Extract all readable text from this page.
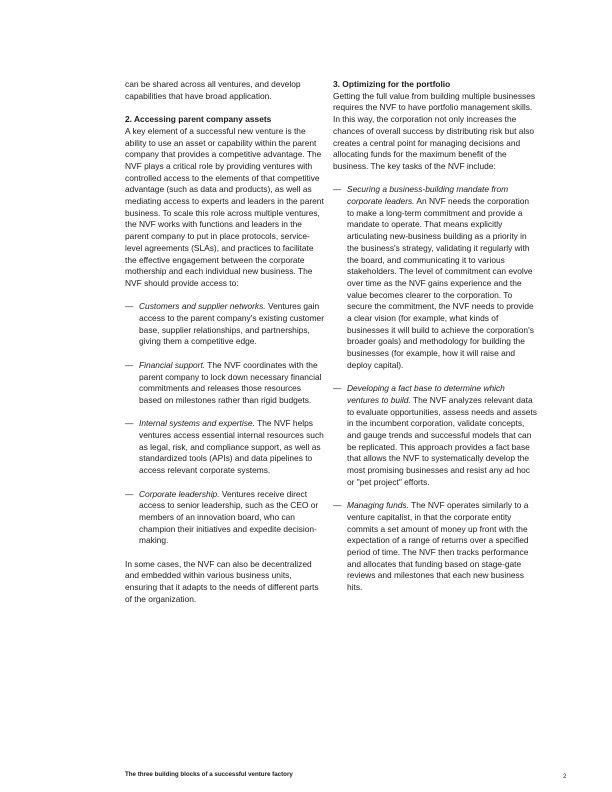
can be shared across all ventures, and develop capabilities that have broad application.

2. Accessing parent company assets

A key element of a successful new venture is the ability to use an asset or capability within the parent company that provides a competitive advantage. The NVF plays a critical role by providing ventures with controlled access to the elements of that competitive advantage (such as data and products), as well as mediating access to experts and leaders in the parent business. To scale this role across multiple ventures, the NVF works with functions and leaders in the parent company to put in place protocols, service-level agreements (SLAs), and practices to facilitate the effective engagement between the corporate mothership and each individual new business. The NVF should provide access to:

— Customers and supplier networks. Ventures gain access to the parent company's existing customer base, supplier relationships, and partnerships, giving them a competitive edge.
— Financial support. The NVF coordinates with the parent company to lock down necessary financial commitments and releases those resources based on milestones rather than rigid budgets.
— Internal systems and expertise. The NVF helps ventures access essential internal resources such as legal, risk, and compliance support, as well as standardized tools (APIs) and data pipelines to access relevant corporate systems.
— Corporate leadership. Ventures receive direct access to senior leadership, such as the CEO or members of an innovation board, who can champion their initiatives and expedite decision-making.

In some cases, the NVF can also be decentralized and embedded within various business units, ensuring that it adapts to the needs of different parts of the organization.

3. Optimizing for the portfolio

Getting the full value from building multiple businesses requires the NVF to have portfolio management skills. In this way, the corporation not only increases the chances of overall success by distributing risk but also creates a central point for managing decisions and allocating funds for the maximum benefit of the business. The key tasks of the NVF include:

— Securing a business-building mandate from corporate leaders. An NVF needs the corporation to make a long-term commitment and provide a mandate to operate. That means explicitly articulating new-business building as a priority in the business's strategy, validating it regularly with the board, and communicating it to various stakeholders. The level of commitment can evolve over time as the NVF gains experience and the value becomes clearer to the corporation. To secure the commitment, the NVF needs to provide a clear vision (for example, what kinds of businesses it will build to achieve the corporation's broader goals) and methodology for building the businesses (for example, how it will raise and deploy capital).
— Developing a fact base to determine which ventures to build. The NVF analyzes relevant data to evaluate opportunities, assess needs and assets in the incumbent corporation, validate concepts, and gauge trends and successful models that can be replicated. This approach provides a fact base that allows the NVF to systematically develop the most promising businesses and resist any ad hoc or "pet project" efforts.
— Managing funds. The NVF operates similarly to a venture capitalist, in that the corporate entity commits a set amount of money up front with the expectation of a range of returns over a specified period of time. The NVF then tracks performance and allocates that funding based on stage-gate reviews and milestones that each new business hits.
The three building blocks of a successful venture factory	2
